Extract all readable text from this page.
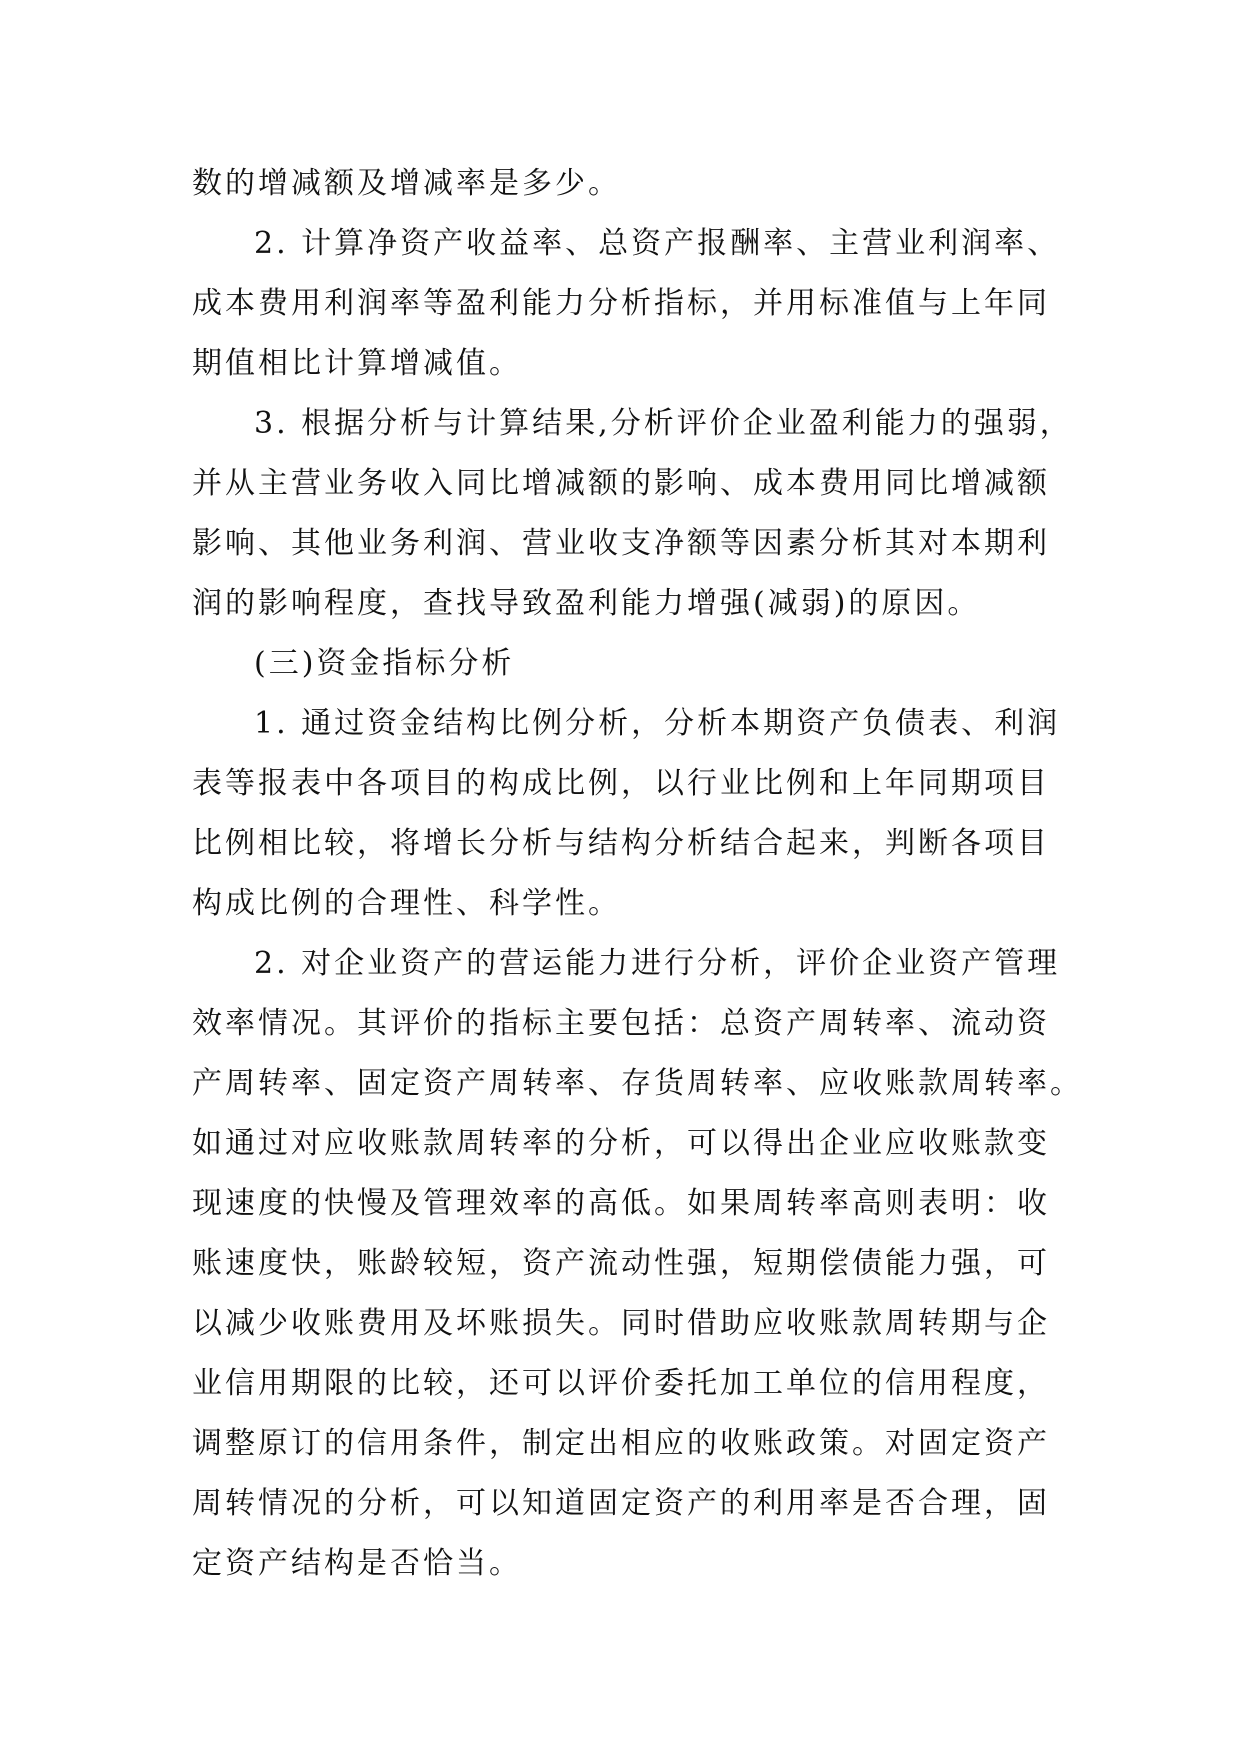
数的增减额及增减率是多少。
2. 计算净资产收益率、总资产报酬率、主营业利润率、
成本费用利润率等盈利能力分析指标，并用标准值与上年同
期值相比计算增减值。
3. 根据分析与计算结果,分析评价企业盈利能力的强弱，
并从主营业务收入同比增减额的影响、成本费用同比增减额
影响、其他业务利润、营业收支净额等因素分析其对本期利
润的影响程度，查找导致盈利能力增强(减弱)的原因。
(三)资金指标分析
1. 通过资金结构比例分析，分析本期资产负债表、利润
表等报表中各项目的构成比例，以行业比例和上年同期项目
比例相比较，将增长分析与结构分析结合起来，判断各项目
构成比例的合理性、科学性。
2. 对企业资产的营运能力进行分析，评价企业资产管理
效率情况。其评价的指标主要包括：总资产周转率、流动资
产周转率、固定资产周转率、存货周转率、应收账款周转率。
如通过对应收账款周转率的分析，可以得出企业应收账款变
现速度的快慢及管理效率的高低。如果周转率高则表明：收
账速度快，账龄较短，资产流动性强，短期偿债能力强，可
以减少收账费用及坏账损失。同时借助应收账款周转期与企
业信用期限的比较，还可以评价委托加工单位的信用程度，
调整原订的信用条件，制定出相应的收账政策。对固定资产
周转情况的分析，可以知道固定资产的利用率是否合理，固
定资产结构是否恰当。
